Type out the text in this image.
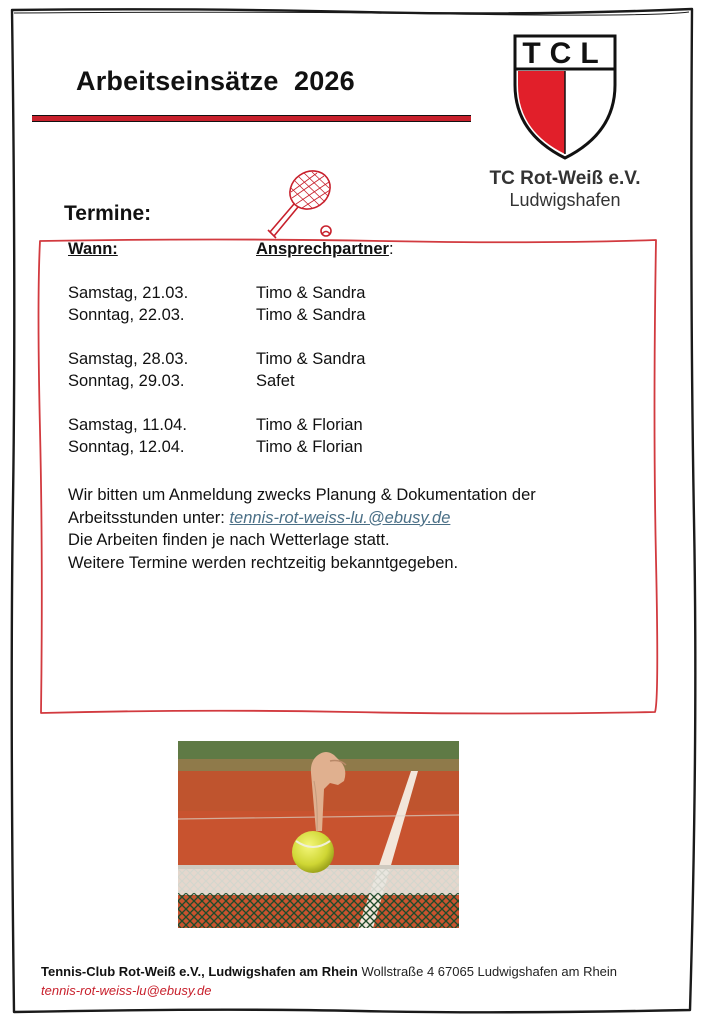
Arbeitseinsätze  2026
TCL
TC Rot-Weiß e.V.
Ludwigshafen
Termine:
Wann:	Ansprechpartner:
Samstag, 21.03.	Timo & Sandra
Sonntag, 22.03.	Timo & Sandra
Samstag, 28.03.	Timo & Sandra
Sonntag, 29.03.	Safet
Samstag, 11.04.	Timo & Florian
Sonntag, 12.04.	Timo & Florian
Wir bitten um Anmeldung zwecks Planung & Dokumentation der
Arbeitsstunden unter: tennis-rot-weiss-lu.@ebusy.de
Die Arbeiten finden je nach Wetterlage statt.
Weitere Termine werden rechtzeitig bekanntgegeben.
Tennis-Club Rot-Weiß e.V., Ludwigshafen am Rhein Wollstraße 4 67065 Ludwigshafen am Rhein
tennis-rot-weiss-lu@ebusy.de
